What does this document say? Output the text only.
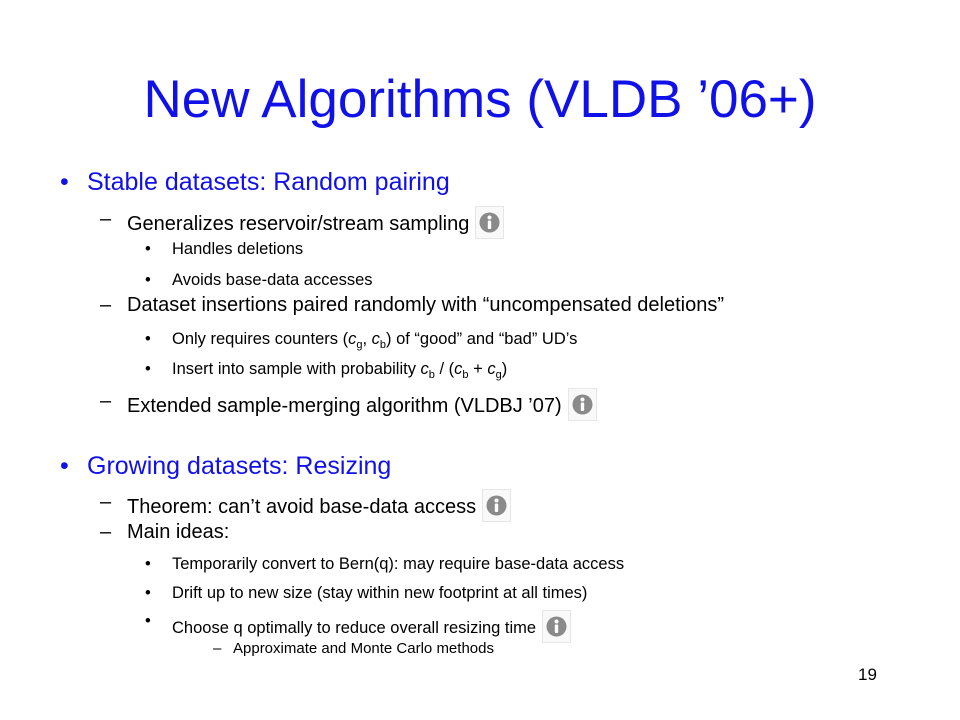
New Algorithms (VLDB ’06+)
• Stable datasets: Random pairing
– Generalizes reservoir/stream sampling
• Handles deletions
• Avoids base-data accesses
– Dataset insertions paired randomly with “uncompensated deletions”
• Only requires counters ($c_g$, $c_b$) of “good” and “bad” UD’s
• Insert into sample with probability $c_b / (c_b + c_g)$
– Extended sample-merging algorithm (VLDBJ ’07)
• Growing datasets: Resizing
– Theorem: can’t avoid base-data access
– Main ideas:
• Temporarily convert to Bern(q): may require base-data access
• Drift up to new size (stay within new footprint at all times)
• Choose q optimally to reduce overall resizing time
– Approximate and Monte Carlo methods
19
